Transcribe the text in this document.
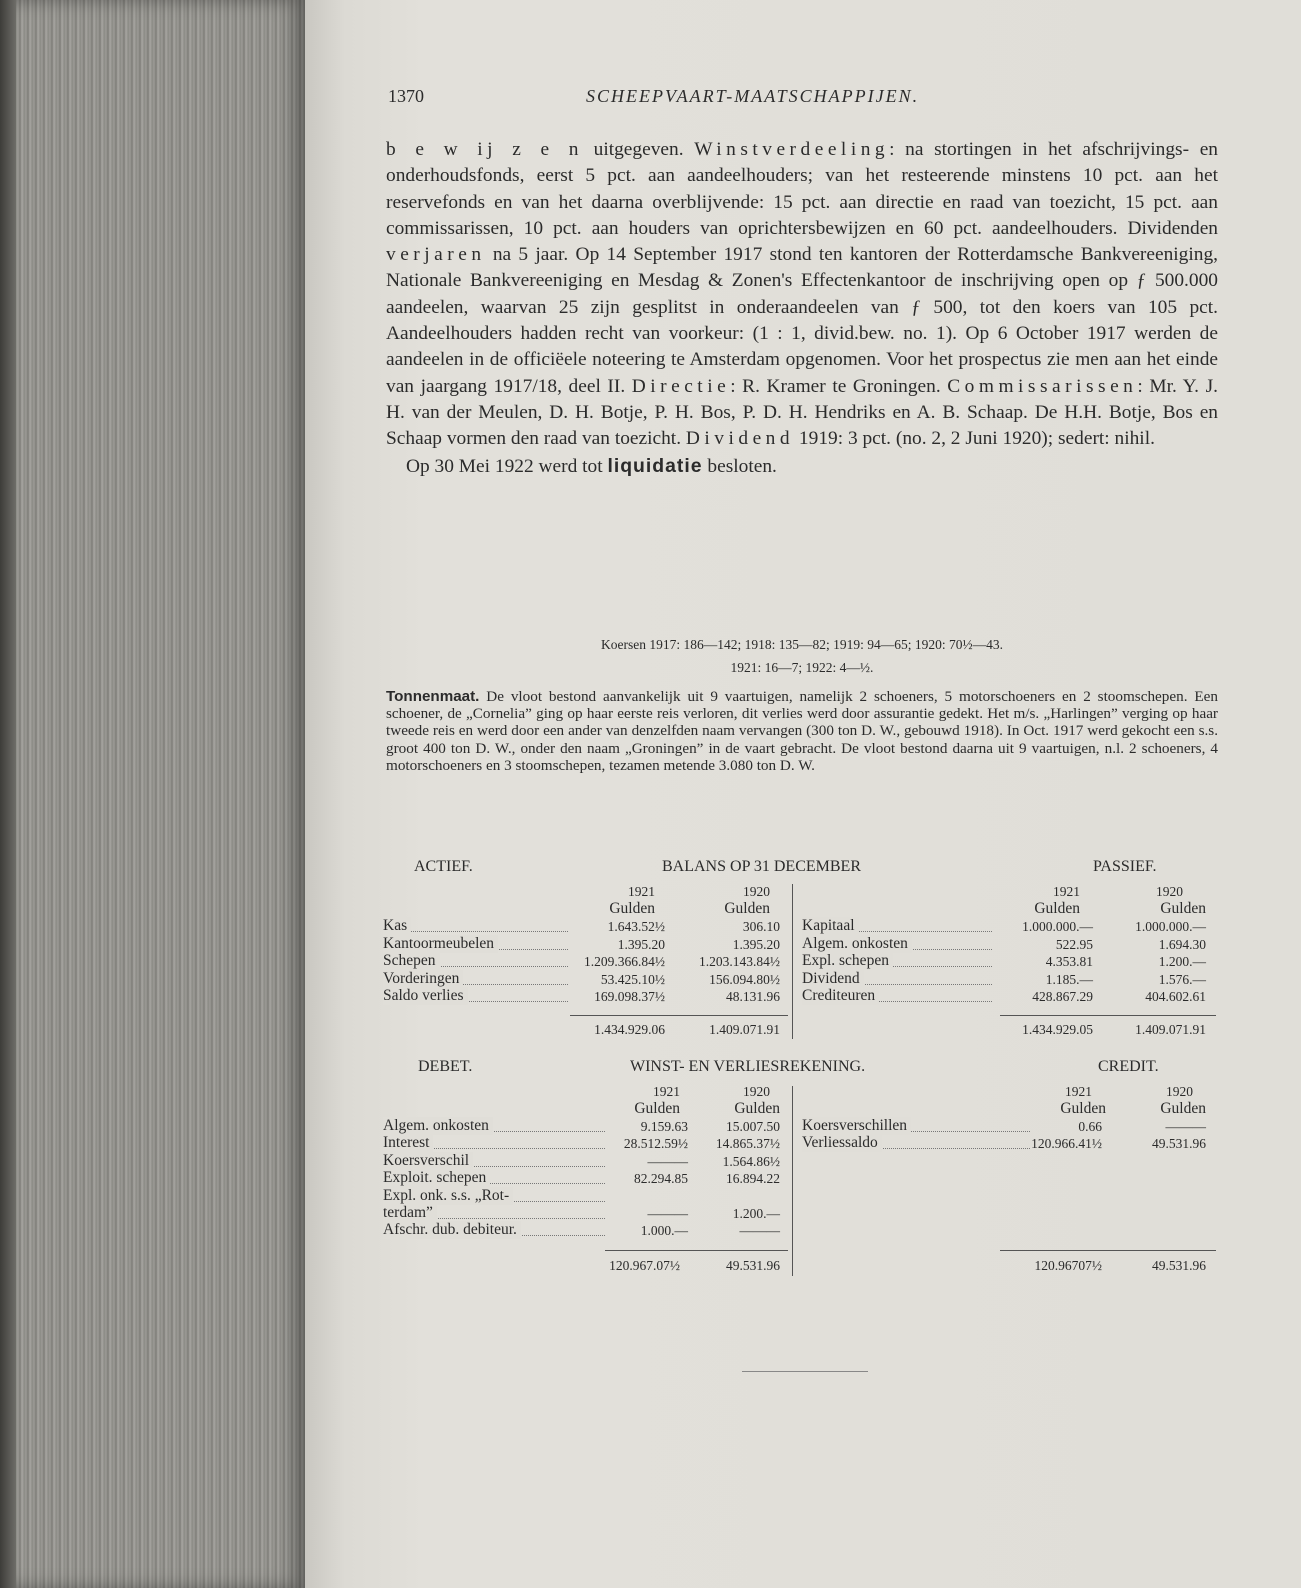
1370	SCHEEPVAART-MAATSCHAPPIJEN.

b e w ij z e n uitgegeven. Winstverdeeling: na stortingen in het afschrijvings- en onderhoudsfonds, eerst 5 pct. aan aandeelhouders; van het resteerende minstens 10 pct. aan het reservefonds en van het daarna overblijvende: 15 pct. aan directie en raad van toezicht, 15 pct. aan commissarissen, 10 pct. aan houders van oprichtersbewijzen en 60 pct. aandeelhouders. Dividenden verjaren na 5 jaar. Op 14 September 1917 stond ten kantoren der Rotterdamsche Bankvereeniging, Nationale Bankvereeniging en Mesdag & Zonen's Effectenkantoor de inschrijving open op ƒ 500.000 aandeelen, waarvan 25 zijn gesplitst in onderaandeelen van ƒ 500, tot den koers van 105 pct. Aandeelhouders hadden recht van voorkeur: (1 : 1, divid.bew. no. 1). Op 6 October 1917 werden de aandeelen in de officiëele noteering te Amsterdam opgenomen. Voor het prospectus zie men aan het einde van jaargang 1917/18, deel II. Directie: R. Kramer te Groningen. Commissarissen: Mr. Y. J. H. van der Meulen, D. H. Botje, P. H. Bos, P. D. H. Hendriks en A. B. Schaap. De H.H. Botje, Bos en Schaap vormen den raad van toezicht. Dividend 1919: 3 pct. (no. 2, 2 Juni 1920); sedert: nihil.

Op 30 Mei 1922 werd tot liquidatie besloten.

Koersen 1917: 186—142; 1918: 135—82; 1919: 94—65; 1920: 70½—43.
1921: 16—7; 1922: 4—½.
Tonnenmaat. De vloot bestond aanvankelijk uit 9 vaartuigen, namelijk 2 schoeners, 5 motorschoeners en 2 stoomschepen. Een schoener, de „Cornelia” ging op haar eerste reis verloren, dit verlies werd door assurantie gedekt. Het m/s. „Harlingen” verging op haar tweede reis en werd door een ander van denzelfden naam vervangen (300 ton D. W., gebouwd 1918). In Oct. 1917 werd gekocht een s.s. groot 400 ton D. W., onder den naam „Groningen” in de vaart gebracht. De vloot bestond daarna uit 9 vaartuigen, n.l. 2 schoeners, 4 motorschoeners en 3 stoomschepen, tezamen metende 3.080 ton D. W.
ACTIEF.	BALANS OP 31 DECEMBER	PASSIEF.
1921	1920	1921	1920
Gulden	Gulden	Gulden	Gulden
Kas	1.643.52½	306.10
Kantoormeubelen	1.395.20	1.395.20
Schepen	1.209.366.84½	1.203.143.84½
Vorderingen	53.425.10½	156.094.80½
Saldo verlies	169.098.37½	48.131.96
Kapitaal	1.000.000.—	1.000.000.—
Algem. onkosten	522.95	1.694.30
Expl. schepen	4.353.81	1.200.—
Dividend	1.185.—	1.576.—
Crediteuren	428.867.29	404.602.61
1.434.929.06	1.409.071.91	1.434.929.05	1.409.071.91
DEBET.	WINST- EN VERLIESREKENING.	CREDIT.
1921	1920	1921	1920
Gulden	Gulden	Gulden	Gulden
Algem. onkosten	9.159.63	15.007.50
Interest	28.512.59½	14.865.37½
Koersverschil	———	1.564.86½
Exploit. schepen	82.294.85	16.894.22
Expl. onk. s.s. „Rot-
terdam”	———	1.200.—
Afschr. dub. debiteur.	1.000.—	———
Koersverschillen	0.66	———
Verliessaldo	120.966.41½	49.531.96
120.967.07½	49.531.96	120.96707½	49.531.96
